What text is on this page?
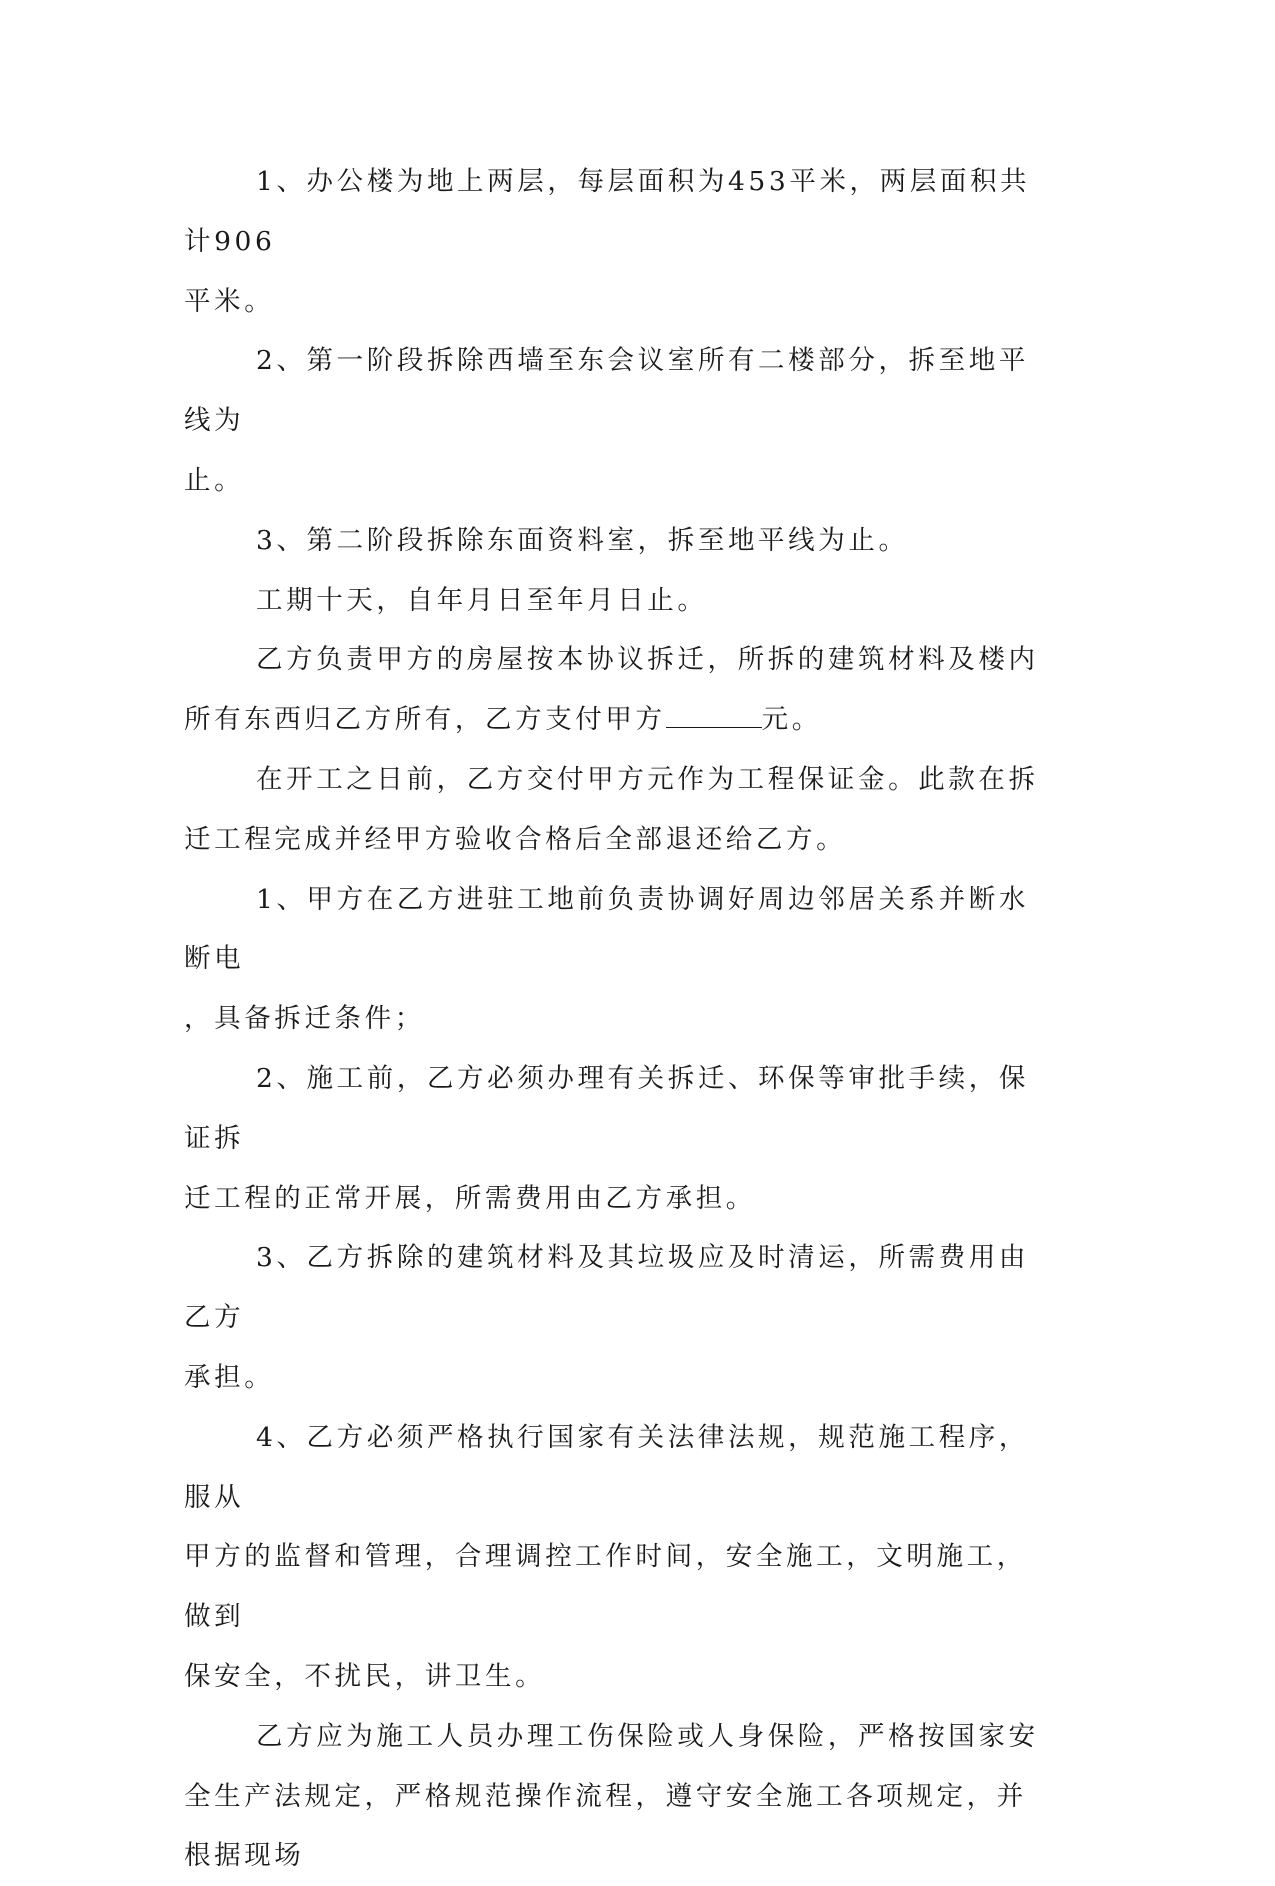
1、办公楼为地上两层，每层面积为453平米，两层面积共计906
平米。

2、第一阶段拆除西墙至东会议室所有二楼部分，拆至地平线为
止。

3、第二阶段拆除东面资料室，拆至地平线为止。

工期十天，自年月日至年月日止。

乙方负责甲方的房屋按本协议拆迁，所拆的建筑材料及楼内所有东西归乙方所有，乙方支付甲方	元。

在开工之日前，乙方交付甲方元作为工程保证金。此款在拆迁工程完成并经甲方验收合格后全部退还给乙方。

1、甲方在乙方进驻工地前负责协调好周边邻居关系并断水断电
，具备拆迁条件；

2、施工前，乙方必须办理有关拆迁、环保等审批手续，保证拆
迁工程的正常开展，所需费用由乙方承担。

3、乙方拆除的建筑材料及其垃圾应及时清运，所需费用由乙方
承担。

4、乙方必须严格执行国家有关法律法规，规范施工程序，服从
甲方的监督和管理，合理调控工作时间，安全施工，文明施工，做到
保安全，不扰民，讲卫生。

乙方应为施工人员办理工伤保险或人身保险，严格按国家安全生产法规定，严格规范操作流程，遵守安全施工各项规定，并根据现场
